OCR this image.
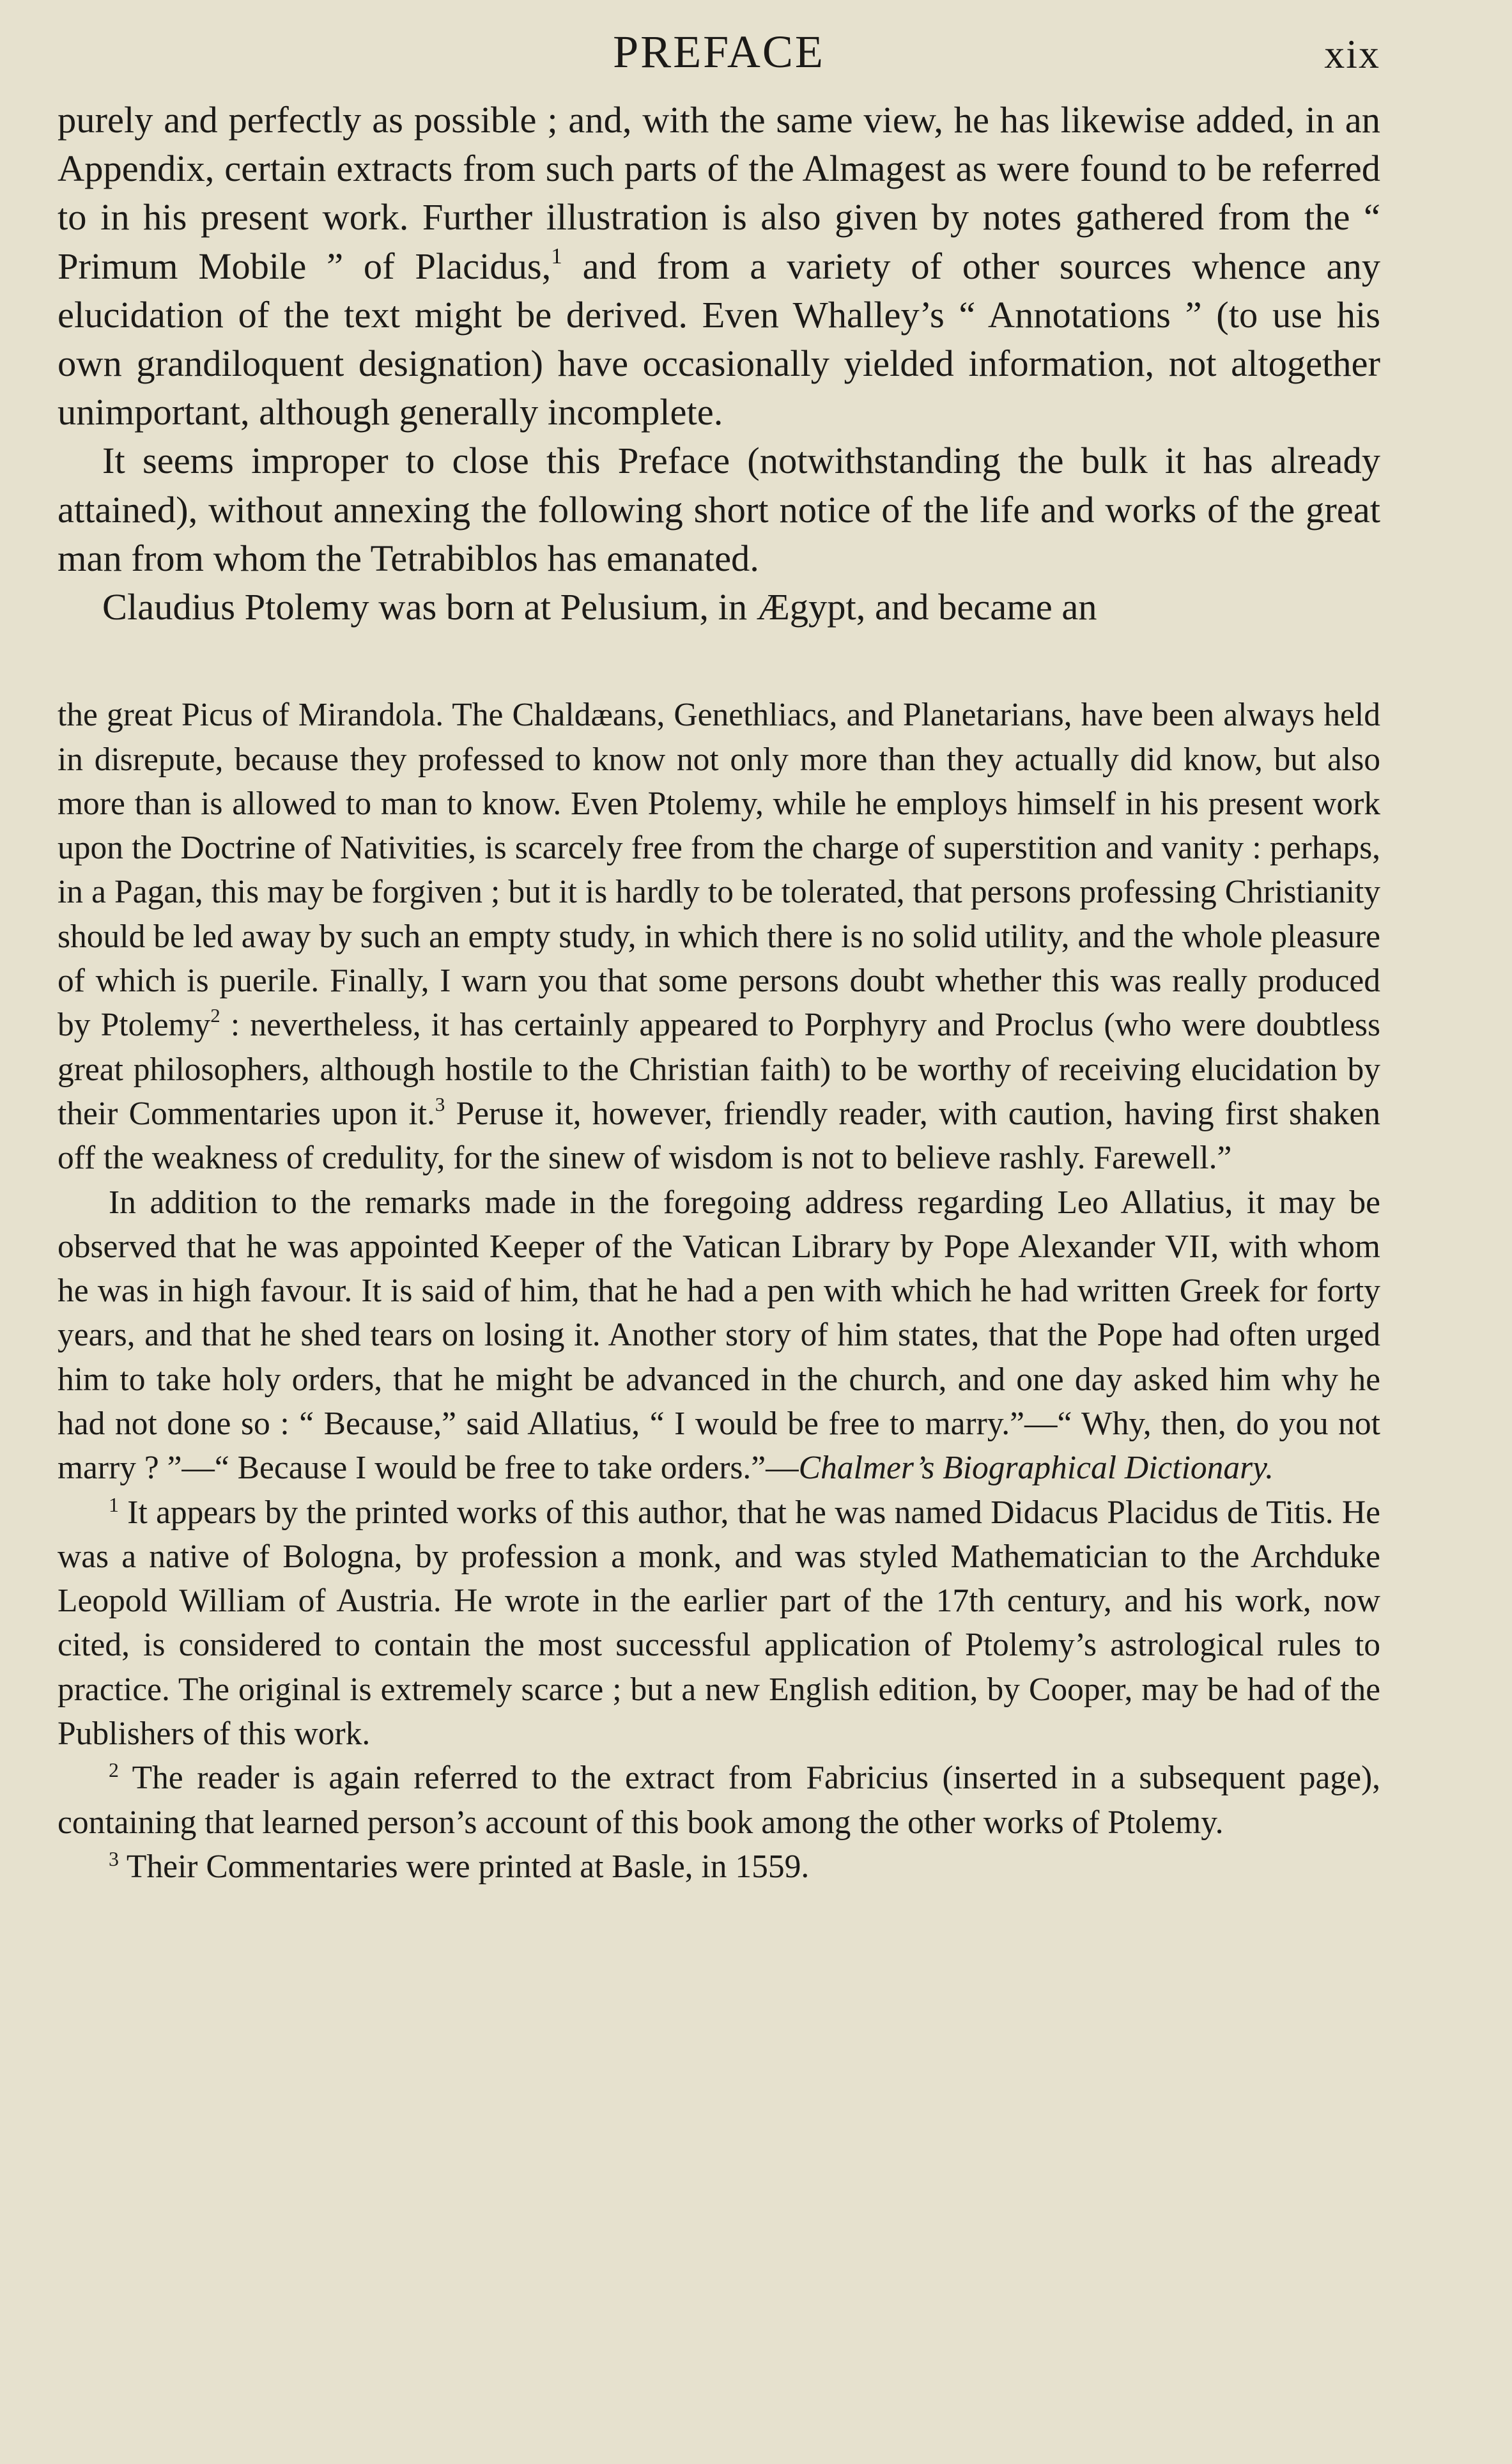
PREFACE	xix

purely and perfectly as possible ; and, with the same view, he has likewise added, in an Appendix, certain extracts from such parts of the Almagest as were found to be referred to in his present work. Further illustration is also given by notes gathered from the “ Primum Mobile ” of Placidus,$^1$ and from a variety of other sources whence any elucidation of the text might be derived. Even Whalley’s “ Annotations ” (to use his own grandiloquent designation) have occasionally yielded information, not altogether unimportant, although generally incomplete.

It seems improper to close this Preface (notwithstanding the bulk it has already attained), without annexing the following short notice of the life and works of the great man from whom the Tetrabiblos has emanated.

Claudius Ptolemy was born at Pelusium, in Ægypt, and became an

the great Picus of Mirandola. The Chaldæans, Genethliacs, and Planetarians, have been always held in disrepute, because they professed to know not only more than they actually did know, but also more than is allowed to man to know. Even Ptolemy, while he employs himself in his present work upon the Doctrine of Nativities, is scarcely free from the charge of superstition and vanity : perhaps, in a Pagan, this may be forgiven ; but it is hardly to be tolerated, that persons professing Christianity should be led away by such an empty study, in which there is no solid utility, and the whole pleasure of which is puerile. Finally, I warn you that some persons doubt whether this was really produced by Ptolemy$^2$ : nevertheless, it has certainly appeared to Porphyry and Proclus (who were doubtless great philosophers, although hostile to the Christian faith) to be worthy of receiving elucidation by their Commentaries upon it.$^3$ Peruse it, however, friendly reader, with caution, having first shaken off the weakness of credulity, for the sinew of wisdom is not to believe rashly. Farewell.”

In addition to the remarks made in the foregoing address regarding Leo Allatius, it may be observed that he was appointed Keeper of the Vatican Library by Pope Alexander VII, with whom he was in high favour. It is said of him, that he had a pen with which he had written Greek for forty years, and that he shed tears on losing it. Another story of him states, that the Pope had often urged him to take holy orders, that he might be advanced in the church, and one day asked him why he had not done so : “ Because,” said Allatius, “ I would be free to marry.”—“ Why, then, do you not marry ? ”—“ Because I would be free to take orders.”—Chalmer’s Biographical Dictionary.

$^1$ It appears by the printed works of this author, that he was named Didacus Placidus de Titis. He was a native of Bologna, by profession a monk, and was styled Mathematician to the Archduke Leopold William of Austria. He wrote in the earlier part of the 17th century, and his work, now cited, is considered to contain the most successful application of Ptolemy’s astrological rules to practice. The original is extremely scarce ; but a new English edition, by Cooper, may be had of the Publishers of this work.

$^2$ The reader is again referred to the extract from Fabricius (inserted in a subsequent page), containing that learned person’s account of this book among the other works of Ptolemy.

$^3$ Their Commentaries were printed at Basle, in 1559.
